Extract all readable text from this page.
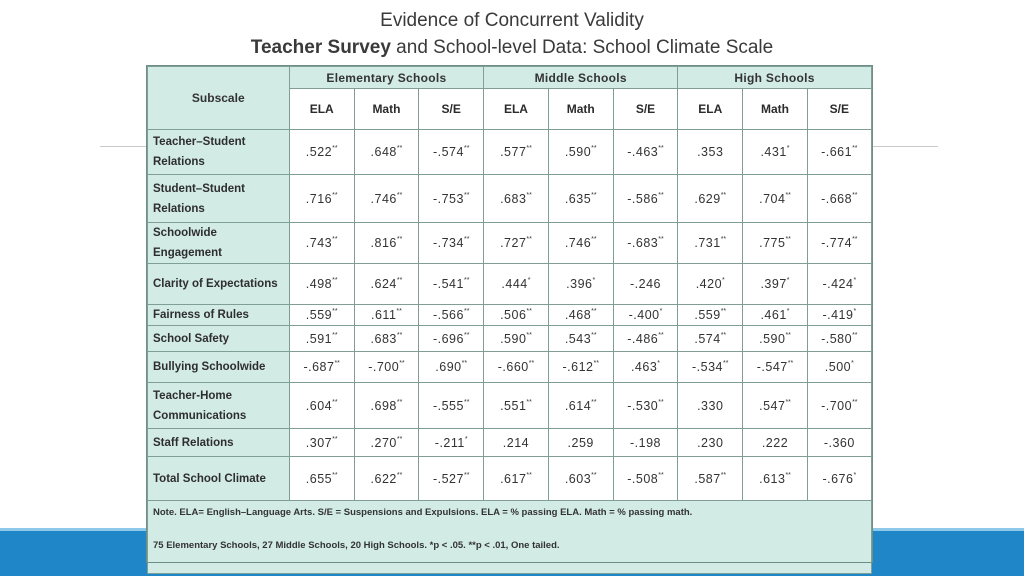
Evidence of Concurrent Validity
Teacher Survey and School-level Data: School Climate Scale
Subscale	Elementary Schools			Middle Schools			High Schools		
	ELA	Math	S/E	ELA	Math	S/E	ELA	Math	S/E
Teacher–Student Relations	.522**	.648**	-.574**	.577**	.590**	-.463**	.353	.431*	-.661**
Student–Student Relations	.716**	.746**	-.753**	.683**	.635**	-.586**	.629**	.704**	-.668**
Schoolwide Engagement	.743**	.816**	-.734**	.727**	.746**	-.683**	.731**	.775**	-.774**
Clarity of Expectations	.498**	.624**	-.541**	.444*	.396*	-.246	.420*	.397*	-.424*
Fairness of Rules	.559**	.611**	-.566**	.506**	.468**	-.400*	.559**	.461*	-.419*
School Safety	.591**	.683**	-.696**	.590**	.543**	-.486**	.574**	.590**	-.580**
Bullying Schoolwide	-.687**	-.700**	.690**	-.660**	-.612**	.463*	-.534**	-.547**	.500*
Teacher-Home Communications	.604**	.698**	-.555**	.551**	.614**	-.530**	.330	.547**	-.700**
Staff Relations	.307**	.270**	-.211*	.214	.259	-.198	.230	.222	-.360
Total School Climate	.655**	.622**	-.527**	.617**	.603**	-.508**	.587**	.613**	-.676*

Note. ELA= English–Language Arts. S/E = Suspensions and Expulsions. ELA = % passing ELA. Math = % passing math.

75 Elementary Schools, 27 Middle Schools, 20 High Schools. *p < .05. **p < .01, One tailed.									
